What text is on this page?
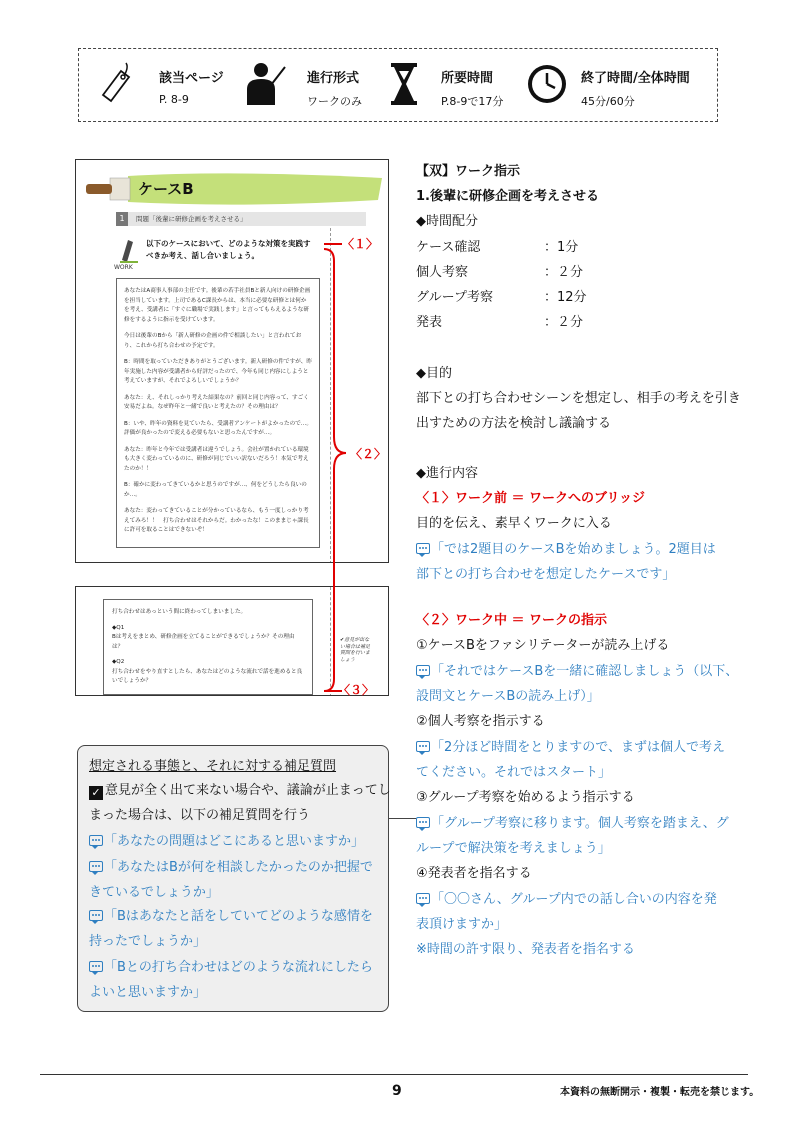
該当ページ
P. 8-9
進行形式
ワークのみ
所要時間
P.8-9で17分
終了時間/全体時間
45分/60分
ケースB
1	問題「後輩に研修企画を考えさせる」
WORK
以下のケースにおいて、どのような対策を実践すべきか考え、話し合いましょう。

あなたはA商事人事部の主任です。後輩の若手社員Bと新人向けの研修企画を担当しています。上司であるC課長からは、本当に必要な研修とは何かを考え、受講者に「すぐに職場で実践します」と言ってもらえるような研修をするように指示を受けています。

今日は後輩のBから「新人研修の企画の件で相談したい」と言われており、これから打ち合わせの予定です。

B：時間を取っていただきありがとうございます。新人研修の件ですが、昨年実施した内容が受講者から好評だったので、今年も同じ内容にしようと考えていますが、それでよろしいでしょうか？

あなた：え、それしっかり考えた結果なの？前回と同じ内容って、すごく安易だよね。なぜ昨年と一緒で良いと考えたの？その理由は？

B：いや、昨年の資料を見ていたら、受講者アンケートがよかったので…。評価が良かったので変える必要もないと思ったんですが…。

あなた：昨年と今年では受講者は違うでしょう。会社が置かれている環境も大きく変わっているのに、研修が同じでいい訳ないだろう！本気で考えたのか！！

B：確かに変わってきているかと思うのですが…、何をどうしたら良いのか…。

あなた：変わってきていることが分かっているなら、もう一度しっかり考えてみろ！！　打ち合わせはそれからだ。わかったな！このままじゃ課長に許可を取ることはできないぞ！

打ち合わせはあっという間に終わってしまいました。

◆Q1
Bは考えをまとめ、研修企画を立てることができるでしょうか？その理由は？

◆Q2
打ち合わせをやり直すとしたら、あなたはどのような流れで話を進めると良いでしょうか？

✔意見が出ない場合は補足質問を行いましょう
〈１〉
〈２〉
〈３〉
【双】ワーク指示
1.後輩に研修企画を考えさせる
◆時間配分
ケース確認	：1分
個人考察	：２分
グループ考察	：12分
発表	：２分
◆目的
部下との打ち合わせシーンを想定し、相手の考えを引き
出すための方法を検討し議論する
◆進行内容
〈１〉ワーク前 ＝ ワークへのブリッジ
目的を伝え、素早くワークに入る
「では2題目のケースBを始めましょう。2題目は
部下との打ち合わせを想定したケースです」
〈２〉ワーク中 ＝ ワークの指示
①ケースBをファシリテーターが読み上げる
「それではケースBを一緒に確認しましょう（以下、
設問文とケースBの読み上げ）」
②個人考察を指示する
「2分ほど時間をとりますので、まずは個人で考え
てください。それではスタート」
③グループ考察を始めるよう指示する
「グループ考察に移ります。個人考察を踏まえ、グ
ループで解決策を考えましょう」
④発表者を指名する
「〇〇さん、グループ内での話し合いの内容を発
表頂けますか」
※時間の許す限り、発表者を指名する
想定される事態と、それに対する補足質問
✓ 意見が全く出て来ない場合や、議論が止まってし
まった場合は、以下の補足質問を行う
「あなたの問題はどこにあると思いますか」
「あなたはBが何を相談したかったのか把握で
きているでしょうか」
「Bはあなたと話をしていてどのような感情を
持ったでしょうか」
「Bとの打ち合わせはどのような流れにしたら
よいと思いますか」
9	本資料の無断開示・複製・転売を禁じます。
